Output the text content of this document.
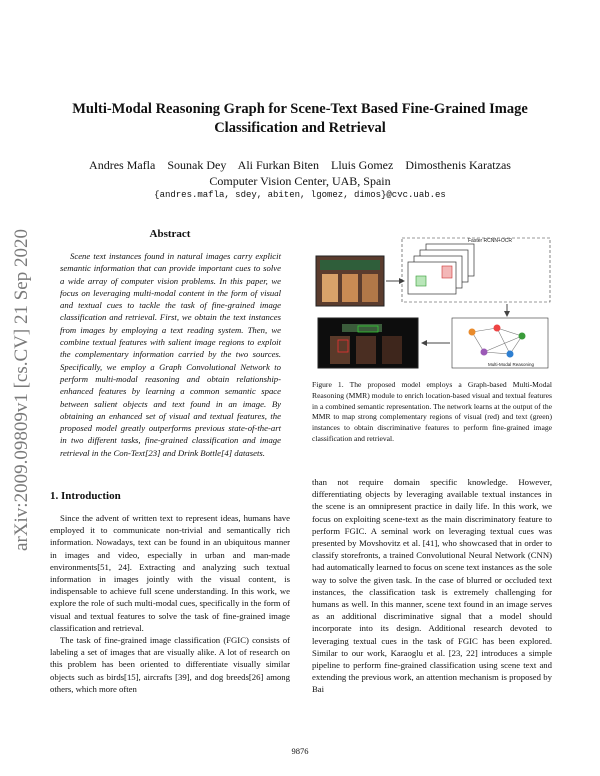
arXiv:2009.09809v1 [cs.CV] 21 Sep 2020
Multi-Modal Reasoning Graph for Scene-Text Based Fine-Grained Image Classification and Retrieval
Andres Mafla    Sounak Dey    Ali Furkan Biten    Lluis Gomez    Dimosthenis Karatzas
Computer Vision Center, UAB, Spain
{andres.mafla, sdey, abiten, lgomez, dimos}@cvc.uab.es
Abstract
Scene text instances found in natural images carry explicit semantic information that can provide important cues to solve a wide array of computer vision problems. In this paper, we focus on leveraging multi-modal content in the form of visual and textual cues to tackle the task of fine-grained image classification and retrieval. First, we obtain the text instances from images by employing a text reading system. Then, we combine textual features with salient image regions to exploit the complementary information carried by the two sources. Specifically, we employ a Graph Convolutional Network to perform multi-modal reasoning and obtain relationship-enhanced features by learning a common semantic space between salient objects and text found in an image. By obtaining an enhanced set of visual and textual features, the proposed model greatly outperforms previous state-of-the-art in two different tasks, fine-grained classification and image retrieval in the Con-Text[23] and Drink Bottle[4] datasets.
Faster RCNN+OCR
Multi-Modal Reasoning
Figure 1. The proposed model employs a Graph-based Multi-Modal Reasoning (MMR) module to enrich location-based visual and textual features in a combined semantic representation. The network learns at the output of the MMR to map strong complementary regions of visual (red) and text (green) instances to obtain discriminative features to perform fine-grained image classification and retrieval.
1. Introduction

Since the advent of written text to represent ideas, humans have employed it to communicate non-trivial and semantically rich information. Nowadays, text can be found in an ubiquitous manner in images and video, especially in urban and man-made environments[51, 24]. Extracting and analyzing such textual information in images jointly with the visual content, is indispensable to achieve full scene understanding. In this work, we explore the role of such multi-modal cues, specifically in the form of visual and textual features to solve the task of fine-grained image classification and retrieval.

The task of fine-grained image classification (FGIC) consists of labeling a set of images that are visually alike. A lot of research on this problem has been oriented to differentiate visually similar objects such as birds[15], aircrafts [39], and dog breeds[26] among others, which more often

than not require domain specific knowledge. However, differentiating objects by leveraging available textual instances in the scene is an omnipresent practice in daily life. In this work, we focus on exploiting scene-text as the main discriminatory feature to perform FGIC. A seminal work on leveraging textual cues was presented by Movshovitz et al. [41], who showcased that in order to classify storefronts, a trained Convolutional Neural Network (CNN) had automatically learned to focus on scene text instances as the sole way to solve the given task. In the case of blurred or occluded text instances, the classification task is extremely challenging for humans as well. In this manner, scene text found in an image serves as an additional discriminative signal that a model should incorporate into its design. Additional research devoted to leveraging textual cues in the task of FGIC has been explored. Similar to our work, Karaoglu et al. [23, 22] introduces a simple pipeline to perform fine-grained classification using scene text and extending the previous work, an attention mechanism is proposed by Bai
9876
